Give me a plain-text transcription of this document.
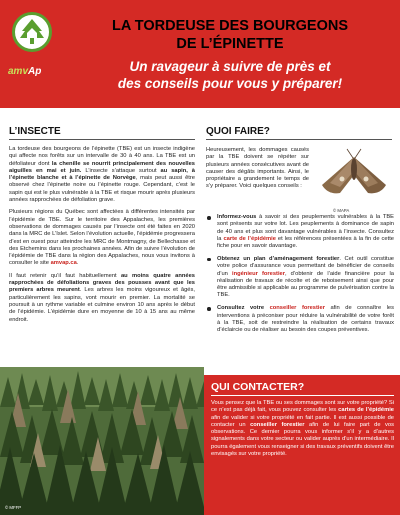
amvAp
LA TORDEUSE DES BOURGEONS
DE L’ÉPINETTE
Un ravageur à suivre de près et
des conseils pour vous y préparer!
L’INSECTE

La tordeuse des bourgeons de l’épinette (TBE) est un insecte indigène qui affecte nos forêts sur un intervalle de 30 à 40 ans. La TBE est un défoliateur dont la chenille se nourrit principalement des nouvelles aiguilles en mai et juin. L’insecte s’attaque surtout au sapin, à l’épinette blanche et à l’épinette de Norvège, mais peut aussi être observé chez l’épinette noire ou l’épinette rouge. Cependant, c’est le sapin qui est le plus vulnérable à la TBE et risque mourir après plusieurs années rapprochées de défoliation grave.

Plusieurs régions du Québec sont affectées à différentes intensités par l’épidémie de TBE. Sur le territoire des Appalaches, les premières observations de dommages causés par l’insecte ont été faites en 2020 dans la MRC de L’Islet. Selon l’évolution actuelle, l’épidémie progressera d’est en ouest pour atteindre les MRC de Montmagny, de Bellechasse et des Etchemins dans les prochaines années. Afin de suivre l’évolution de l’épidémie de TBE dans la région des Appalaches, nous vous invitons à consulter le site amvap.ca.

Il faut retenir qu’il faut habituellement au moins quatre années rapprochées de défoliations graves des pousses avant que les premiers arbres meurent. Les arbres les moins vigoureux et âgés, particulièrement les sapins, vont mourir en premier. La mortalité se poursuit à un rythme variable et culmine environ 10 ans après le début de l’épidémie. L’épidémie dure en moyenne de 10 à 15 ans au même endroit.

QUOI FAIRE?
Heureusement, les dommages causés par la TBE doivent se répéter sur plusieurs années consécutives avant de causer des dégâts importants. Ainsi, le propriétaire a grandement le temps de s’y préparer. Voici quelques conseils :
© MAPA
Informez-vous à savoir si des peuplements vulnérables à la TBE sont présents sur votre lot. Les peuplements à dominance de sapin de 40 ans et plus sont davantage vulnérables à l’insecte. Consultez la carte de l’épidémie et les références présentées à la fin de cette fiche pour en savoir davantage.
Obtenez un plan d’aménagement forestier. Cet outil constitue votre police d’assurance vous permettant de bénéficier de conseils d’un ingénieur forestier, d’obtenir de l’aide financière pour la réalisation de travaux de récolte et de reboisement ainsi que pour être admissible si applicable au programme de pulvérisation contre la TBE.
Consultez votre conseiller forestier afin de connaître les interventions à préconiser pour réduire la vulnérabilité de votre forêt à la TBE, soit de restreindre la réalisation de certains travaux d’éclaircie ou de réaliser au besoin des coupes préventives.
© MFFP
QUI CONTACTER?
Vous pensez que la TBE ou ses dommages sont sur votre propriété? Si ce n’est pas déjà fait, vous pouvez consulter les cartes de l’épidémie afin de valider si votre propriété en fait partie. Il est aussi possible de contacter un conseiller forestier afin de lui faire part de vos observations. Ce dernier pourra vous informer s’il y a d’autres signalements dans votre secteur ou valider auprès d’un intermédiaire. Il pourra également vous renseigner si des travaux préventifs doivent être envisagés sur votre propriété.
